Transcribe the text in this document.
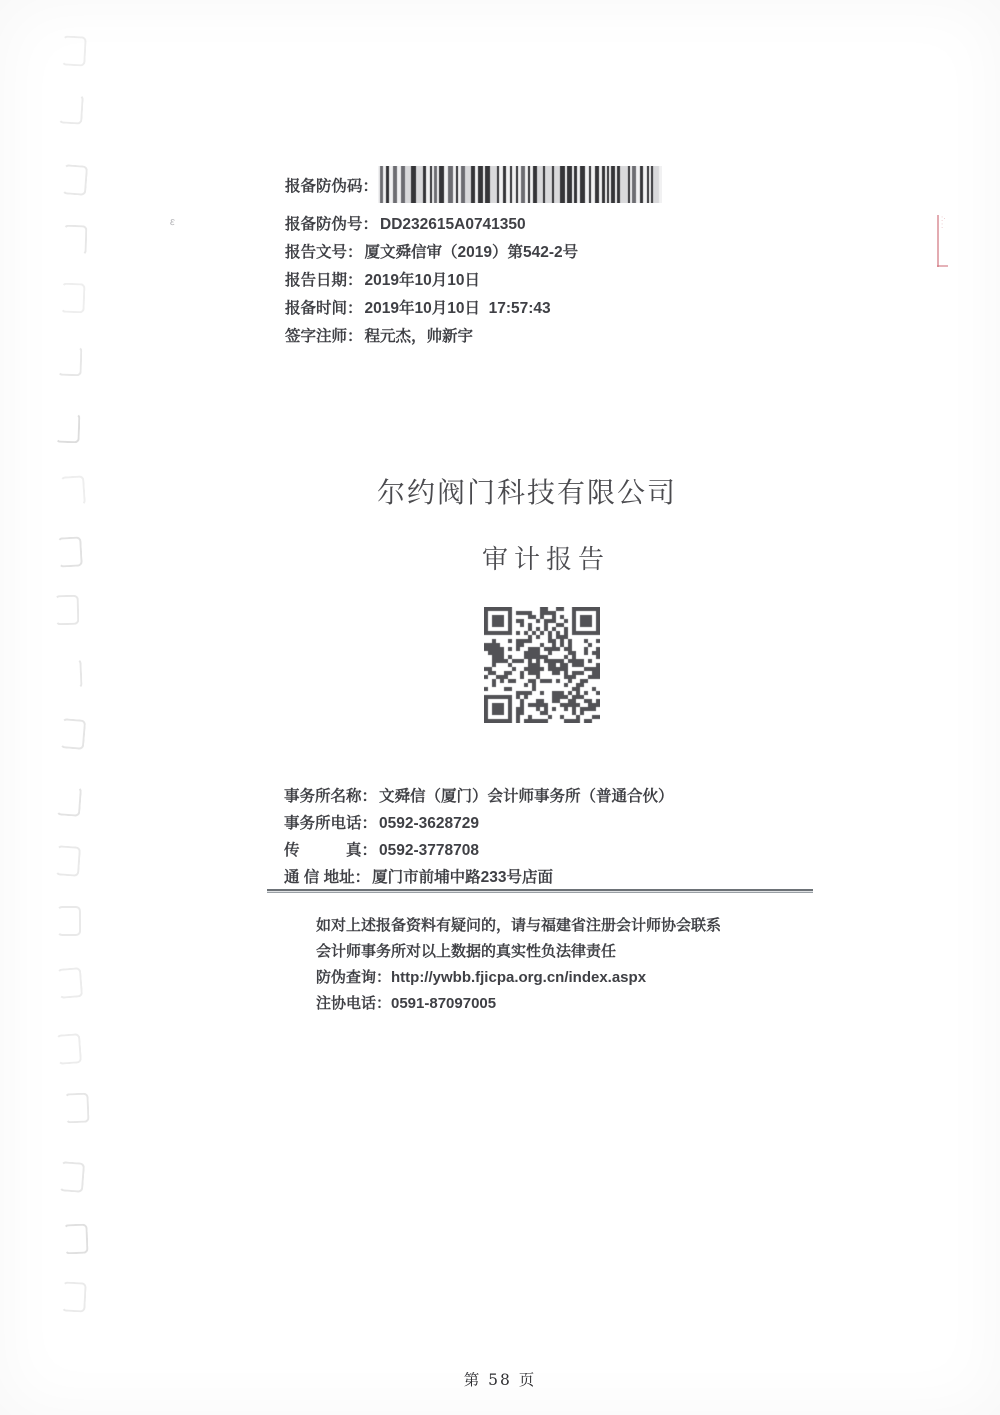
:·
:
ε
报备防伪码：
报备防伪号： DD232615A0741350
报告文号： 厦文舜信审（2019）第542-2号
报告日期： 2019年10月10日
报备时间： 2019年10月10日  17:57:43
签字注师： 程元杰，帅新宇
尔约阀门科技有限公司
审计报告
事务所名称： 文舜信（厦门）会计师事务所（普通合伙）
事务所电话： 0592-3628729
传　　　真： 0592-3778708
通 信 地址： 厦门市前埔中路233号店面
如对上述报备资料有疑问的，请与福建省注册会计师协会联系
会计师事务所对以上数据的真实性负法律责任
防伪查询：http://ywbb.fjicpa.org.cn/index.aspx
注协电话：0591-87097005
第 58 页
